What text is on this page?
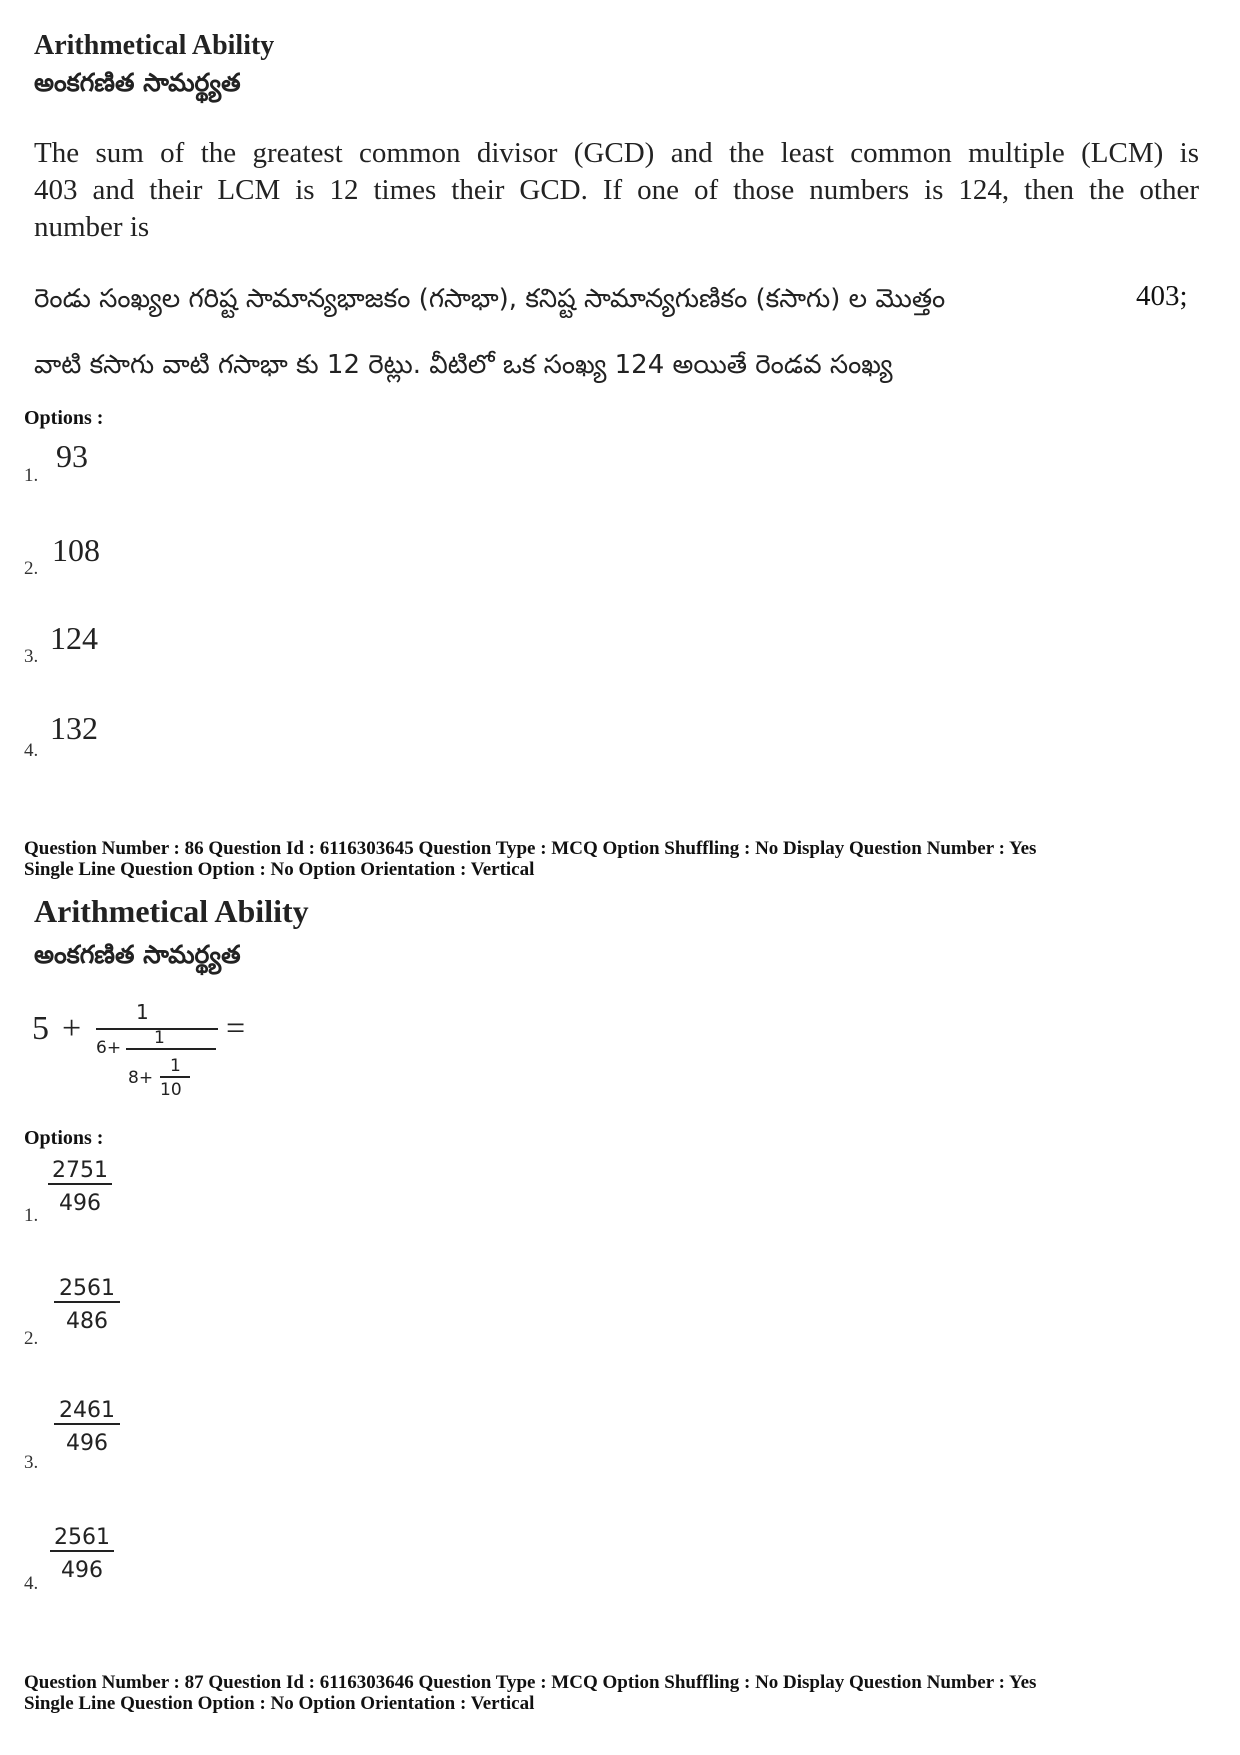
Arithmetical Ability
అంకగణిత సామర్థ్యత
The sum of the greatest common divisor (GCD) and the least common multiple (LCM) is
403 and their LCM is 12 times their GCD. If one of those numbers is 124, then the other
number is
రెండు సంఖ్యల గరిష్ట సామాన్యభాజకం (గసాభా), కనిష్ట సామాన్యగుణికం (కసాగు) ల మొత్తం	403;
వాటి కసాగు వాటి గసాభా కు 12 రెట్లు. వీటిలో ఒక సంఖ్య 124 అయితే రెండవ సంఖ్య
Options :
1.
93
2.
108
3.
124
4.
132
Question Number : 86 Question Id : 6116303645 Question Type : MCQ Option Shuffling : No Display Question Number : Yes
Single Line Question Option : No Option Orientation : Vertical
Arithmetical Ability
అంకగణిత సామర్థ్యత
5 +	1
6+ 1
8+
1
10
=
Options :
1. $\frac{2751}{496}$
2.
$\frac{2561}{486}$
3.
$\frac{2461}{496}$
4.
$\frac{2561}{496}$
Question Number : 87 Question Id : 6116303646 Question Type : MCQ Option Shuffling : No Display Question Number : Yes
Single Line Question Option : No Option Orientation : Vertical
